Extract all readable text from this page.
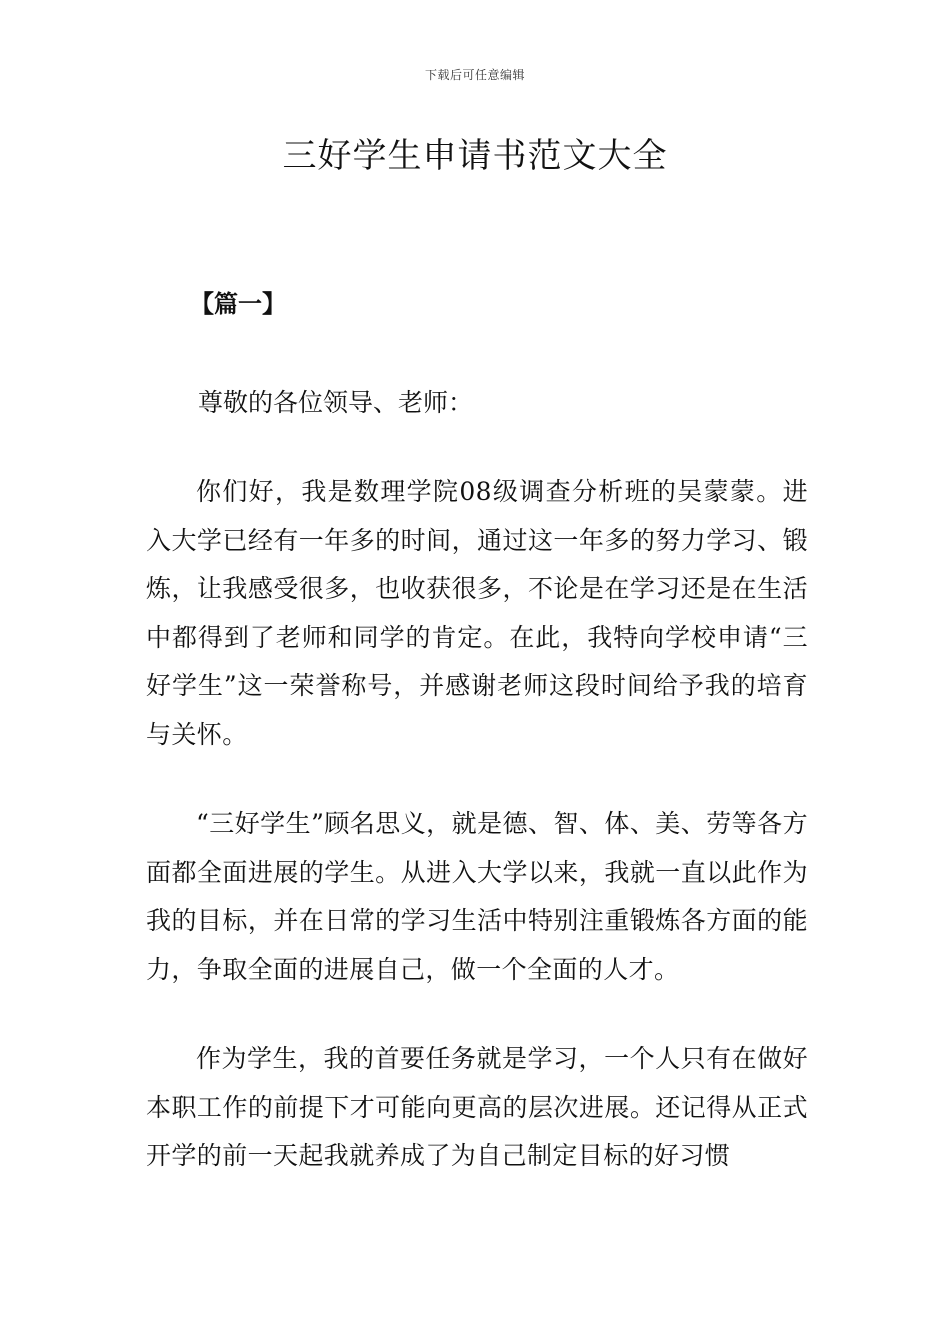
下载后可任意编辑
三好学生申请书范文大全

【篇一】

尊敬的各位领导、老师：

你们好，我是数理学院08级调查分析班的吴蒙蒙。进入大学已经有一年多的时间，通过这一年多的努力学习、锻炼，让我感受很多，也收获很多，不论是在学习还是在生活中都得到了老师和同学的肯定。在此，我特向学校申请“三好学生”这一荣誉称号，并感谢老师这段时间给予我的培育与关怀。

“三好学生”顾名思义，就是德、智、体、美、劳等各方面都全面进展的学生。从进入大学以来，我就一直以此作为我的目标，并在日常的学习生活中特别注重锻炼各方面的能力，争取全面的进展自己，做一个全面的人才。

作为学生，我的首要任务就是学习，一个人只有在做好本职工作的前提下才可能向更高的层次进展。还记得从正式开学的前一天起我就养成了为自己制定目标的好习惯
